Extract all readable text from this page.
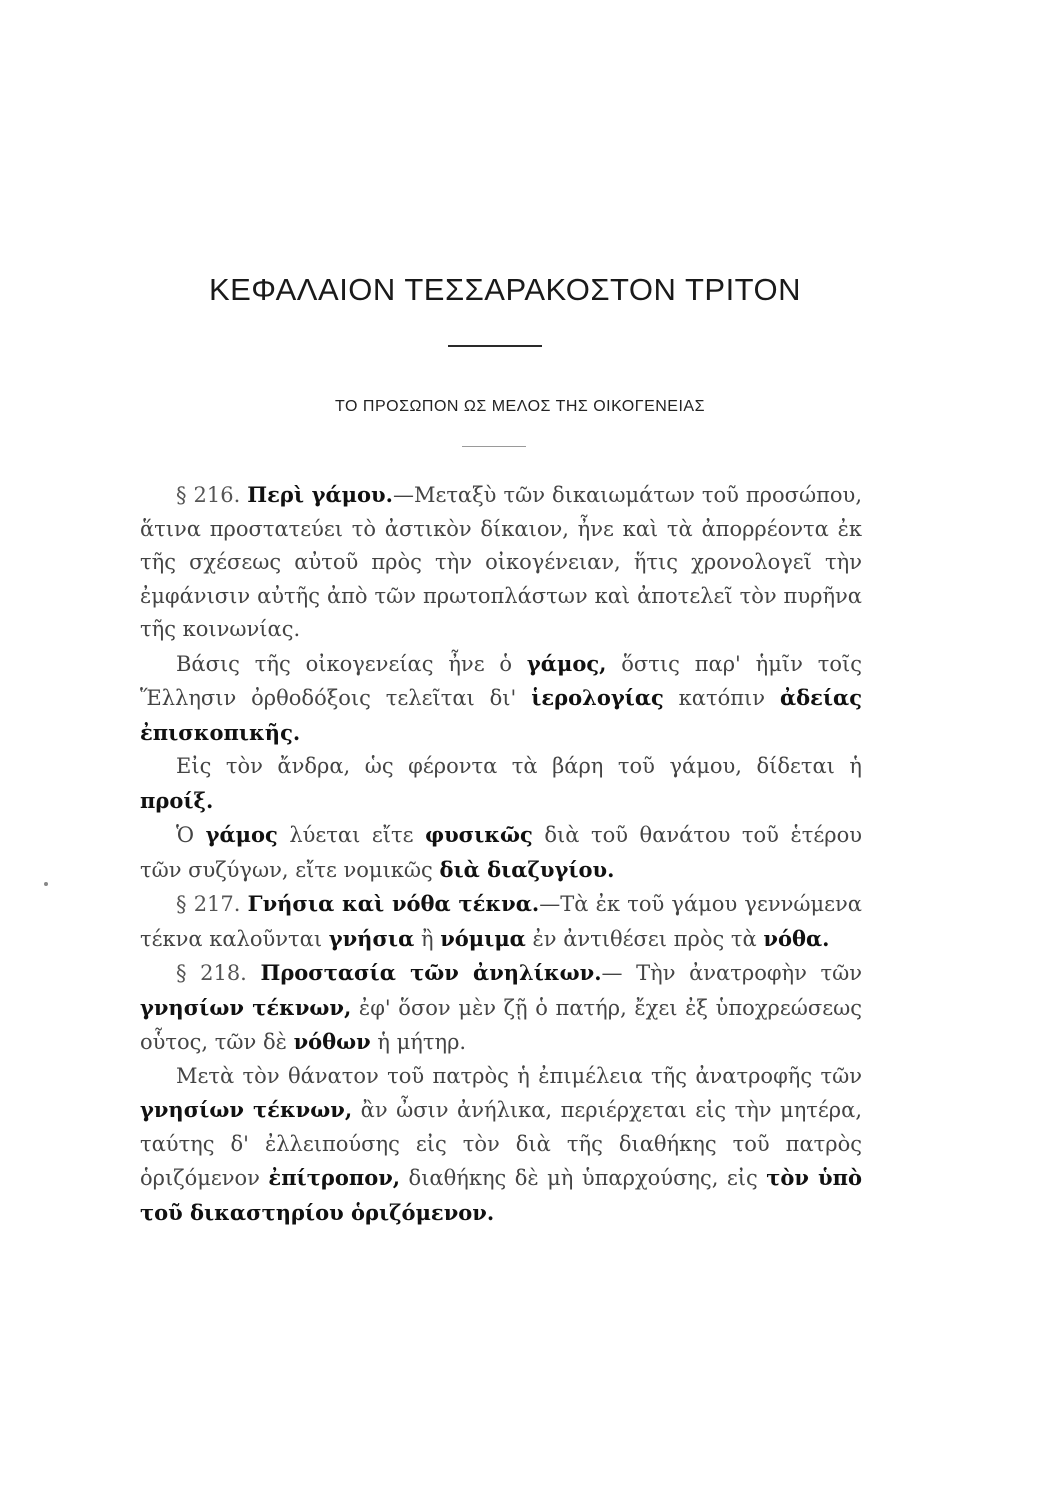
ΚΕΦΑΛΑΙΟΝ ΤΕΣΣΑΡΑΚΟΣΤΟΝ ΤΡΙΤΟΝ
ΤΟ ΠΡΟΣΩΠΟΝ ΩΣ ΜΕΛΟΣ ΤΗΣ ΟΙΚΟΓΕΝΕΙΑΣ

§ 216. Περὶ γάμου.—Μεταξὺ τῶν δικαιωμάτων τοῦ προσώπου, ἅτινα προστατεύει τὸ ἀστικὸν δίκαιον, ἦνε καὶ τὰ ἀπορρέοντα ἐκ τῆς σχέσεως αὐτοῦ πρὸς τὴν οἰκογένειαν, ἥτις χρονολογεῖ τὴν ἐμφάνισιν αὐτῆς ἀπὸ τῶν πρωτοπλάστων καὶ ἀποτελεῖ τὸν πυρῆνα τῆς κοινωνίας.

Βάσις τῆς οἰκογενείας ἦνε ὁ γάμος, ὅστις παρ' ἡμῖν τοῖς Ἕλλησιν ὀρθοδόξοις τελεῖται δι' ἱερολογίας κατόπιν ἀδείας ἐπισκοπικῆς.

Εἰς τὸν ἄνδρα, ὡς φέροντα τὰ βάρη τοῦ γάμου, δίδεται ἡ προίξ.

Ὁ γάμος λύεται εἴτε φυσικῶς διὰ τοῦ θανάτου τοῦ ἑτέρου τῶν συζύγων, εἴτε νομικῶς διὰ διαζυγίου.

§ 217. Γνήσια καὶ νόθα τέκνα.—Τὰ ἐκ τοῦ γάμου γεννώμενα τέκνα καλοῦνται γνήσια ἢ νόμιμα ἐν ἀντιθέσει πρὸς τὰ νόθα.

§ 218. Προστασία τῶν ἀνηλίκων.— Τὴν ἀνατροφὴν τῶν γνησίων τέκνων, ἐφ' ὅσον μὲν ζῇ ὁ πατήρ, ἔχει ἐξ ὑποχρεώσεως οὗτος, τῶν δὲ νόθων ἡ μήτηρ.

Μετὰ τὸν θάνατον τοῦ πατρὸς ἡ ἐπιμέλεια τῆς ἀνατροφῆς τῶν γνησίων τέκνων, ἂν ὦσιν ἀνήλικα, περιέρχεται εἰς τὴν μητέρα, ταύτης δ' ἐλλειπούσης εἰς τὸν διὰ τῆς διαθήκης τοῦ πατρὸς ὁριζόμενον ἐπίτροπον, διαθήκης δὲ μὴ ὑπαρχούσης, εἰς τὸν ὑπὸ τοῦ δικαστηρίου ὁριζόμενον.
